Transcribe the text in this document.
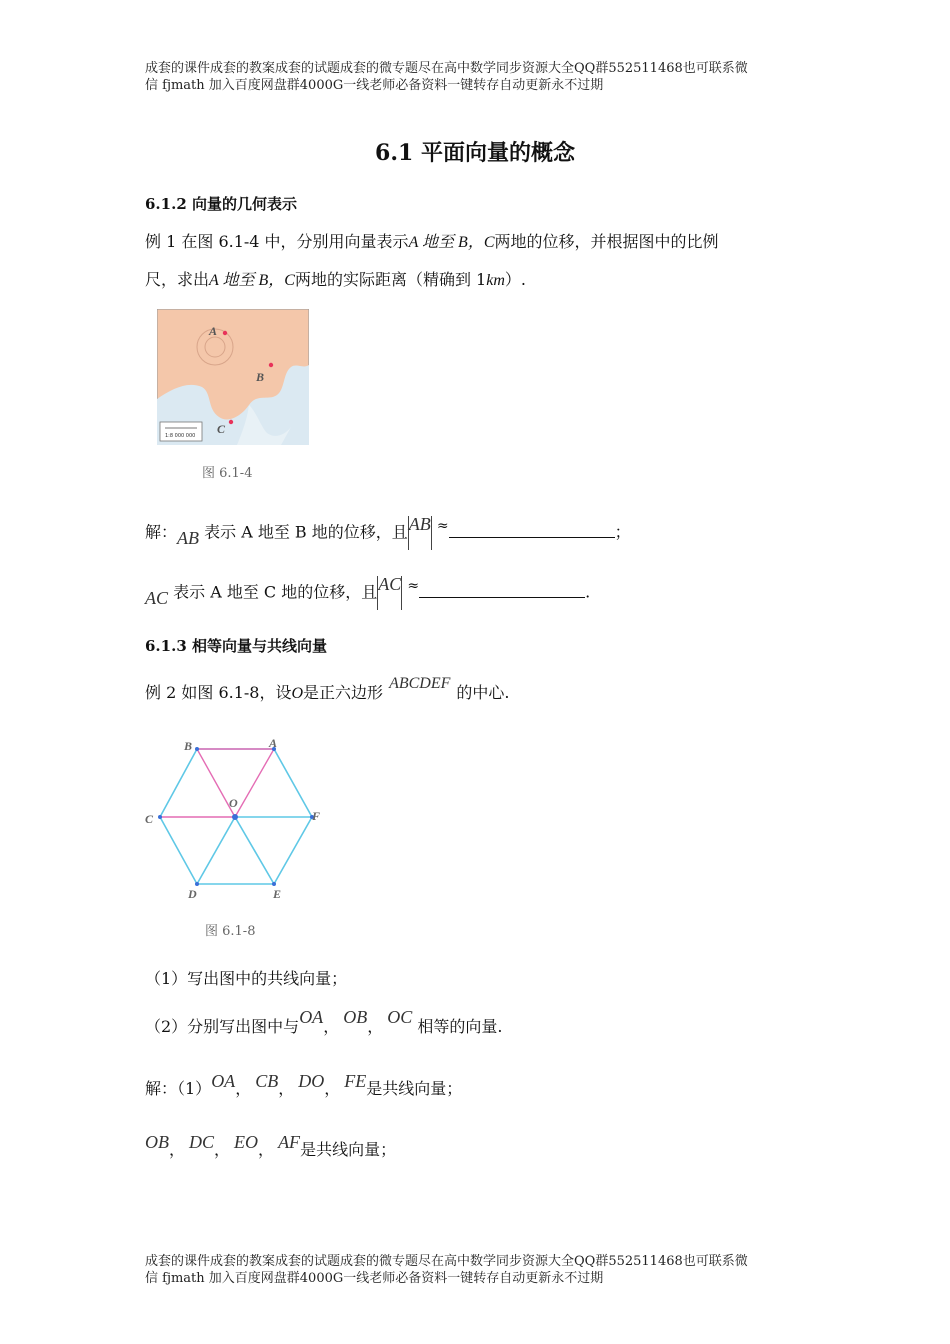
成套的课件成套的教案成套的试题成套的微专题尽在高中数学同步资源大全QQ群552511468也可联系微
信 fjmath 加入百度网盘群4000G一线老师必备资料一键转存自动更新永不过期
6.1 平面向量的概念
6.1.2 向量的几何表示
例 1 在图 6.1-4 中，分别用向量表示A 地至 B，C两地的位移，并根据图中的比例
尺，求出A 地至 B，C两地的实际距离（精确到 1km）.
A
B
C
1:8 000 000
图 6.1-4
解：AB 表示 A 地至 B 地的位移，且AB ≈	；
AC 表示 A 地至 C 地的位移，且AC ≈	.
6.1.3 相等向量与共线向量
例 2 如图 6.1-8，设O是正六边形 ABCDEF 的中心.
B	A
C	F
O
D	E
图 6.1-8
（1）写出图中的共线向量；
（2）分别写出图中与OA， OB， OC 相等的向量.
解：（1）OA， CB， DO， FE是共线向量；
OB， DC， EO， AF是共线向量；
成套的课件成套的教案成套的试题成套的微专题尽在高中数学同步资源大全QQ群552511468也可联系微
信 fjmath 加入百度网盘群4000G一线老师必备资料一键转存自动更新永不过期
